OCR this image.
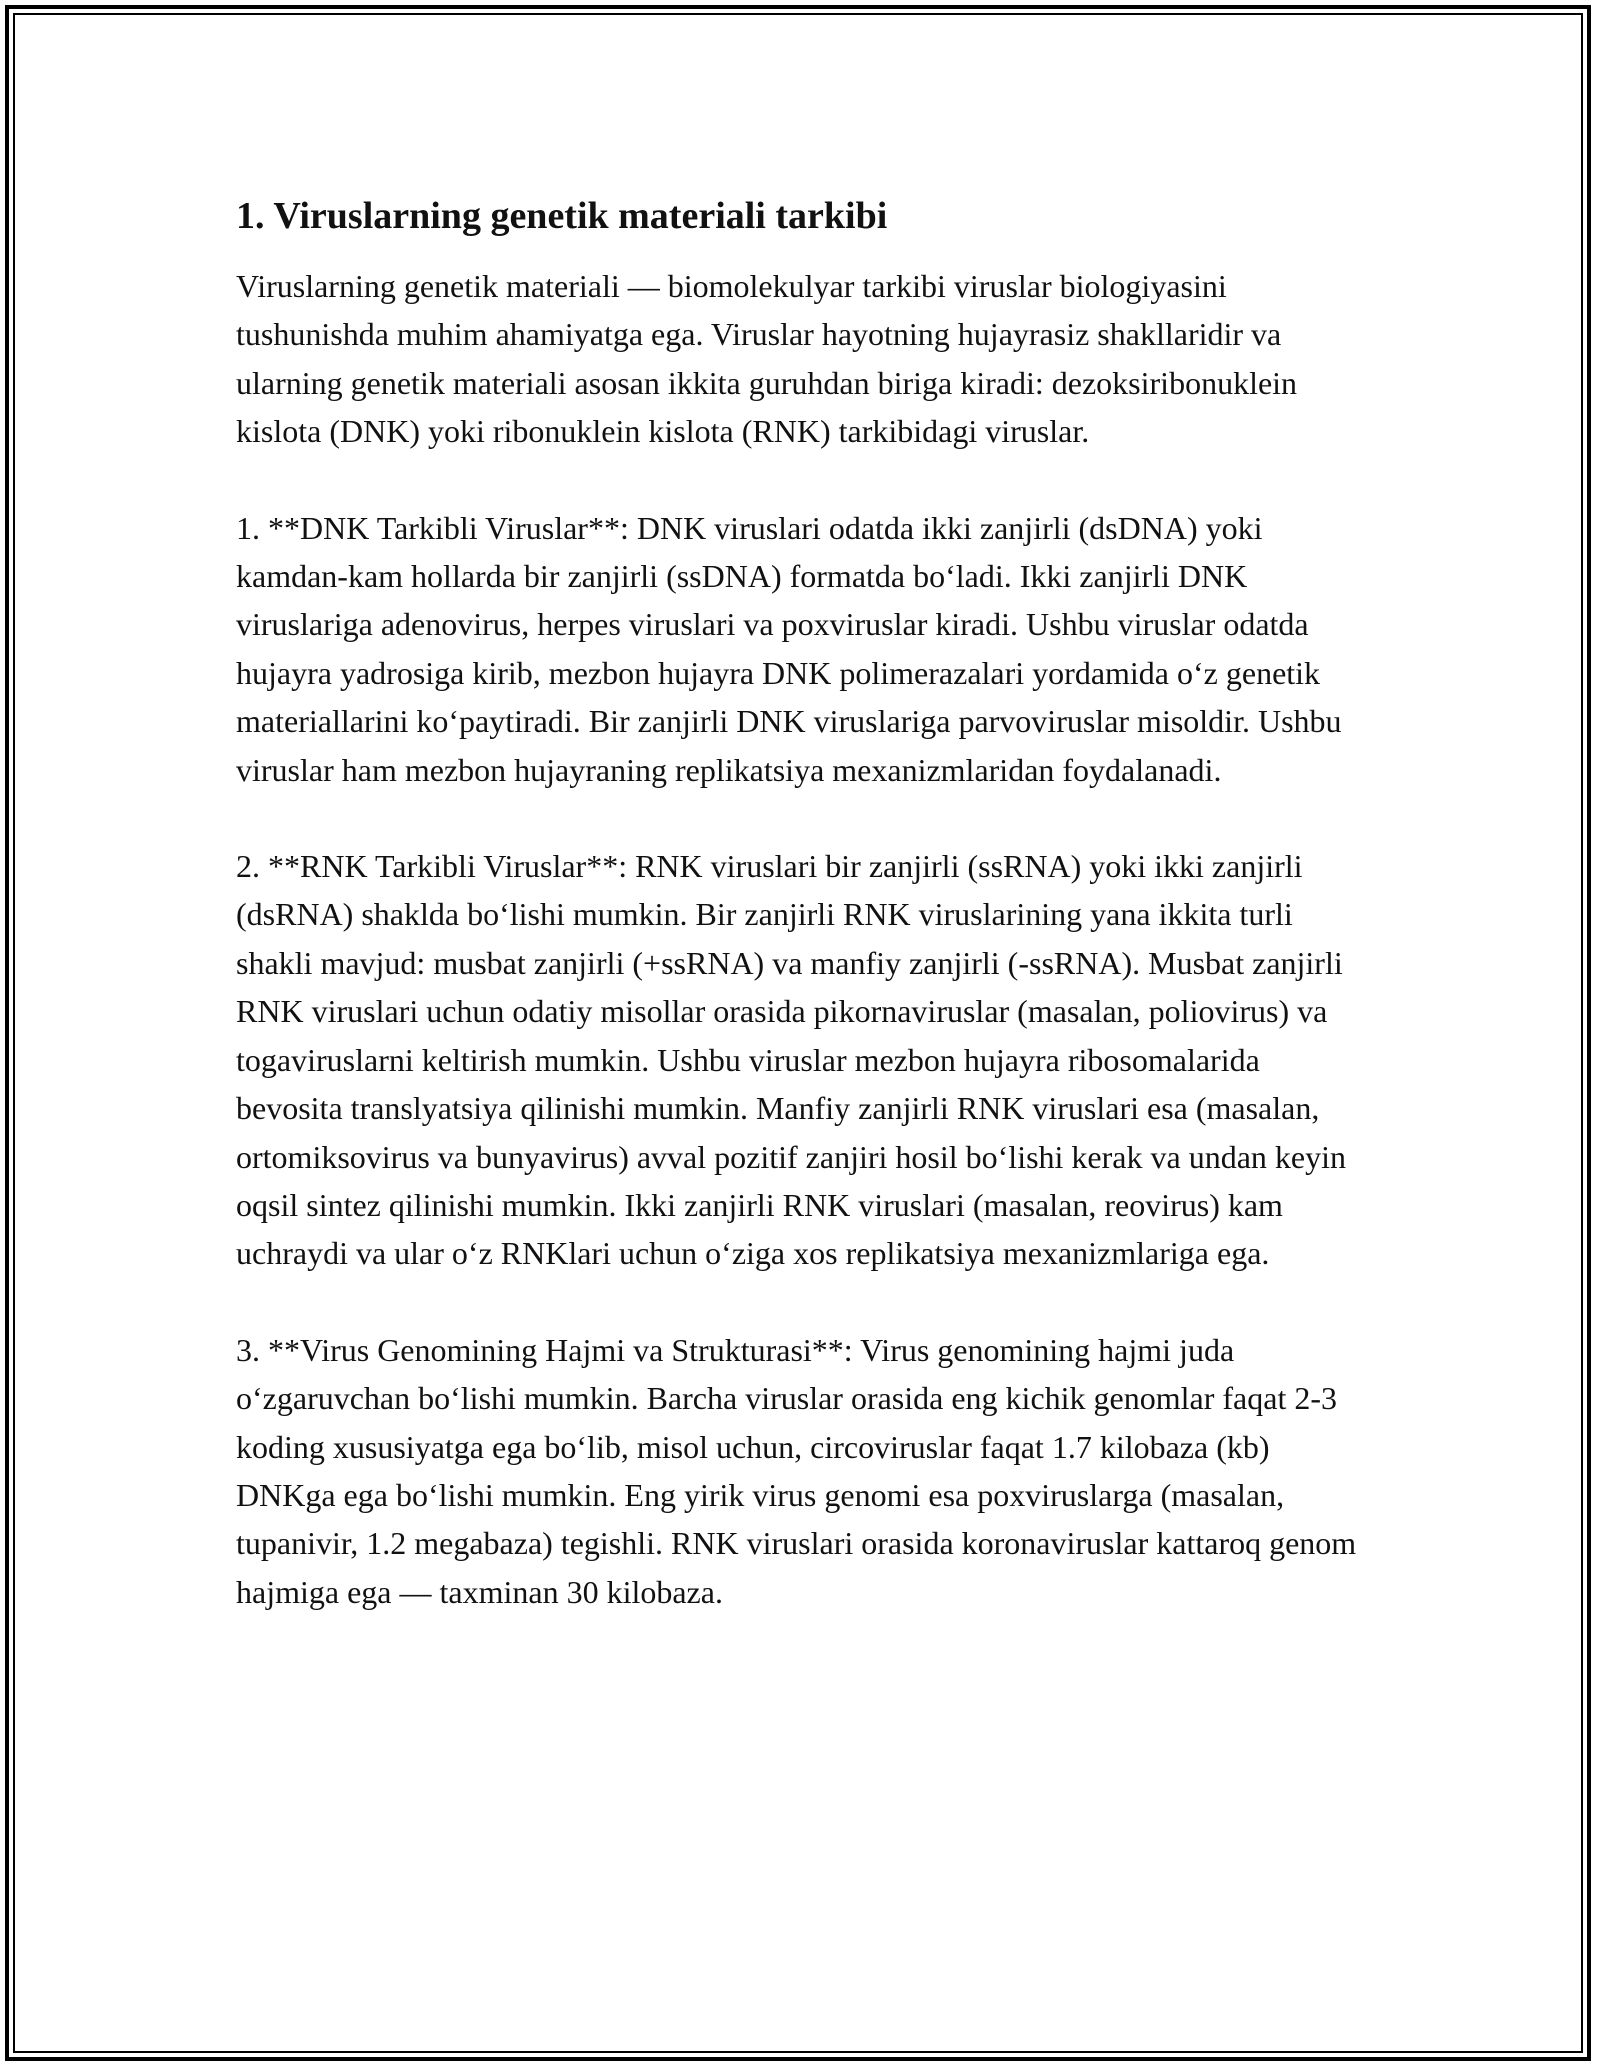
1. Viruslarning genetik materiali tarkibi

Viruslarning genetik materiali — biomolekulyar tarkibi viruslar biologiyasini tushunishda muhim ahamiyatga ega. Viruslar hayotning hujayrasiz shakllaridir va ularning genetik materiali asosan ikkita guruhdan biriga kiradi: dezoksiribonuklein kislota (DNK) yoki ribonuklein kislota (RNK) tarkibidagi viruslar.

1. **DNK Tarkibli Viruslar**: DNK viruslari odatda ikki zanjirli (dsDNA) yoki kamdan-kam hollarda bir zanjirli (ssDNA) formatda bo‘ladi. Ikki zanjirli DNK viruslariga adenovirus, herpes viruslari va poxviruslar kiradi. Ushbu viruslar odatda hujayra yadrosiga kirib, mezbon hujayra DNK polimerazalari yordamida o‘z genetik materiallarini ko‘paytiradi. Bir zanjirli DNK viruslariga parvoviruslar misoldir. Ushbu viruslar ham mezbon hujayraning replikatsiya mexanizmlaridan foydalanadi.

2. **RNK Tarkibli Viruslar**: RNK viruslari bir zanjirli (ssRNA) yoki ikki zanjirli (dsRNA) shaklda bo‘lishi mumkin. Bir zanjirli RNK viruslarining yana ikkita turli shakli mavjud: musbat zanjirli (+ssRNA) va manfiy zanjirli (-ssRNA). Musbat zanjirli RNK viruslari uchun odatiy misollar orasida pikornaviruslar (masalan, poliovirus) va togaviruslarni keltirish mumkin. Ushbu viruslar mezbon hujayra ribosomalarida bevosita translyatsiya qilinishi mumkin. Manfiy zanjirli RNK viruslari esa (masalan, ortomiksovirus va bunyavirus) avval pozitif zanjiri hosil bo‘lishi kerak va undan keyin oqsil sintez qilinishi mumkin. Ikki zanjirli RNK viruslari (masalan, reovirus) kam uchraydi va ular o‘z RNKlari uchun o‘ziga xos replikatsiya mexanizmlariga ega.

3. **Virus Genomining Hajmi va Strukturasi**: Virus genomining hajmi juda o‘zgaruvchan bo‘lishi mumkin. Barcha viruslar orasida eng kichik genomlar faqat 2-3 koding xususiyatga ega bo‘lib, misol uchun, circoviruslar faqat 1.7 kilobaza (kb) DNKga ega bo‘lishi mumkin. Eng yirik virus genomi esa poxviruslarga (masalan, tupanivir, 1.2 megabaza) tegishli. RNK viruslari orasida koronaviruslar kattaroq genom hajmiga ega — taxminan 30 kilobaza.
